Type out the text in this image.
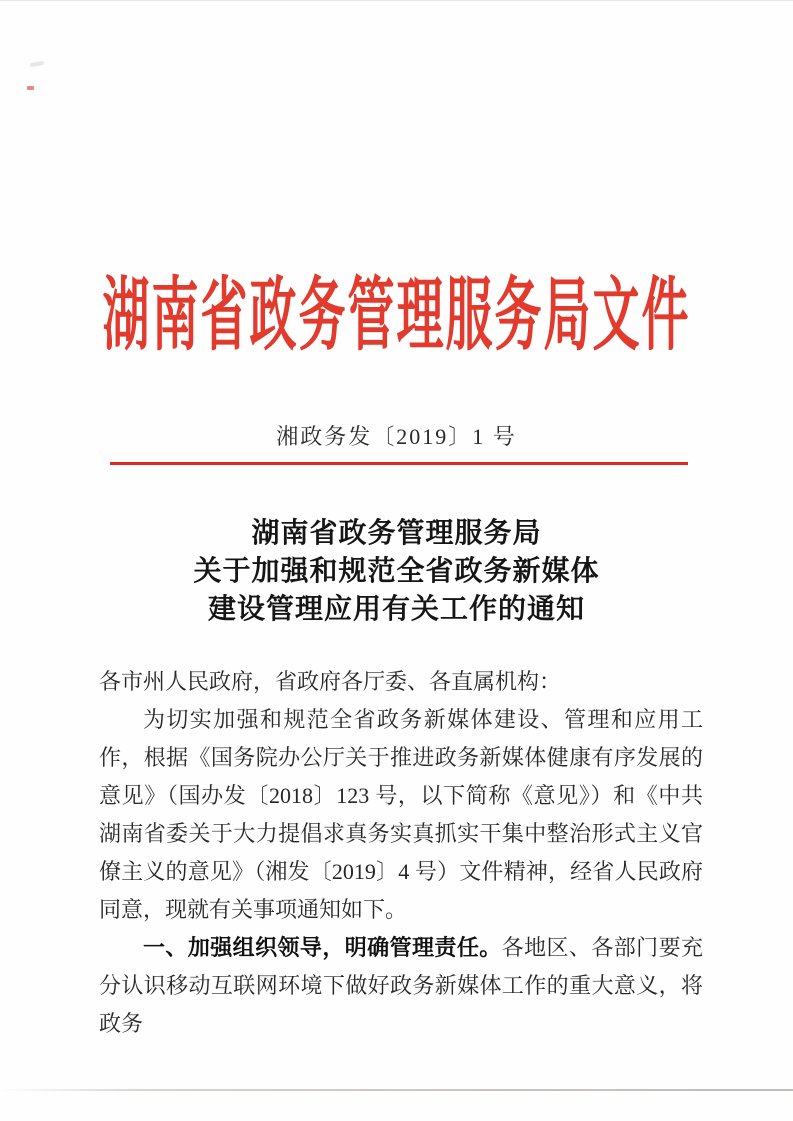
湖南省政务管理服务局文件
湘政务发〔2019〕1 号
湖南省政务管理服务局
关于加强和规范全省政务新媒体
建设管理应用有关工作的通知

各市州人民政府，省政府各厅委、各直属机构：

为切实加强和规范全省政务新媒体建设、管理和应用工作，根据《国务院办公厅关于推进政务新媒体健康有序发展的意见》（国办发〔2018〕123 号，以下简称《意见》）和《中共湖南省委关于大力提倡求真务实真抓实干集中整治形式主义官僚主义的意见》（湘发〔2019〕4 号）文件精神，经省人民政府同意，现就有关事项通知如下。

一、加强组织领导，明确管理责任。各地区、各部门要充分认识移动互联网环境下做好政务新媒体工作的重大意义，将政务
